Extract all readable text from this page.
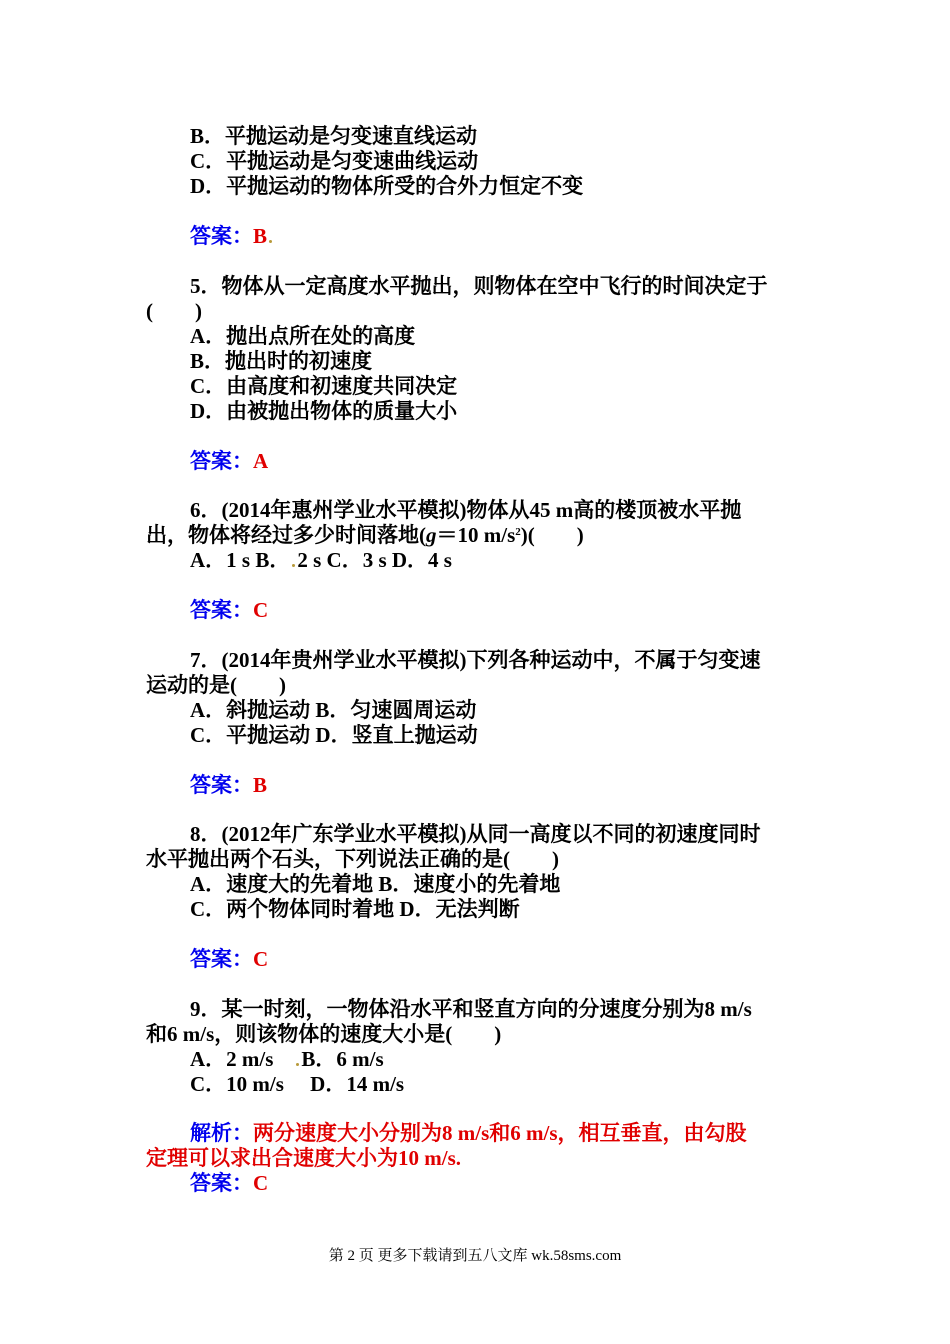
B．平抛运动是匀变速直线运动
C．平抛运动是匀变速曲线运动
D．平抛运动的物体所受的合外力恒定不变
答案：B
5．物体从一定高度水平抛出，则物体在空中飞行的时间决定于
(　　)
A．抛出点所在处的高度
B．抛出时的初速度
C．由高度和初速度共同决定
D．由被抛出物体的质量大小
答案：A
6．(2014年惠州学业水平模拟)物体从45 m高的楼顶被水平抛
出，物体将经过多少时间落地(g＝10 $m/s^2$)(　　)
A．1 s B． 2 s C．3 s D．4 s
答案：C
7．(2014年贵州学业水平模拟)下列各种运动中，不属于匀变速
运动的是(　　)
A．斜抛运动 B．匀速圆周运动
C．平抛运动 D．竖直上抛运动
答案：B
8．(2012年广东学业水平模拟)从同一高度以不同的初速度同时
水平抛出两个石头，下列说法正确的是(　　)
A．速度大的先着地 B．速度小的先着地
C．两个物体同时着地 D．无法判断
答案：C
9．某一时刻，一物体沿水平和竖直方向的分速度分别为8 m/s
和6 m/s，则该物体的速度大小是(　　)
A．2 m/s　B．6 m/s
C．10 m/s　 D．14 m/s
解析：两分速度大小分别为8 m/s和6 m/s，相互垂直，由勾股
定理可以求出合速度大小为10 m/s.
答案：C
第 2 页 更多下载请到五八文库 wk.58sms.com
